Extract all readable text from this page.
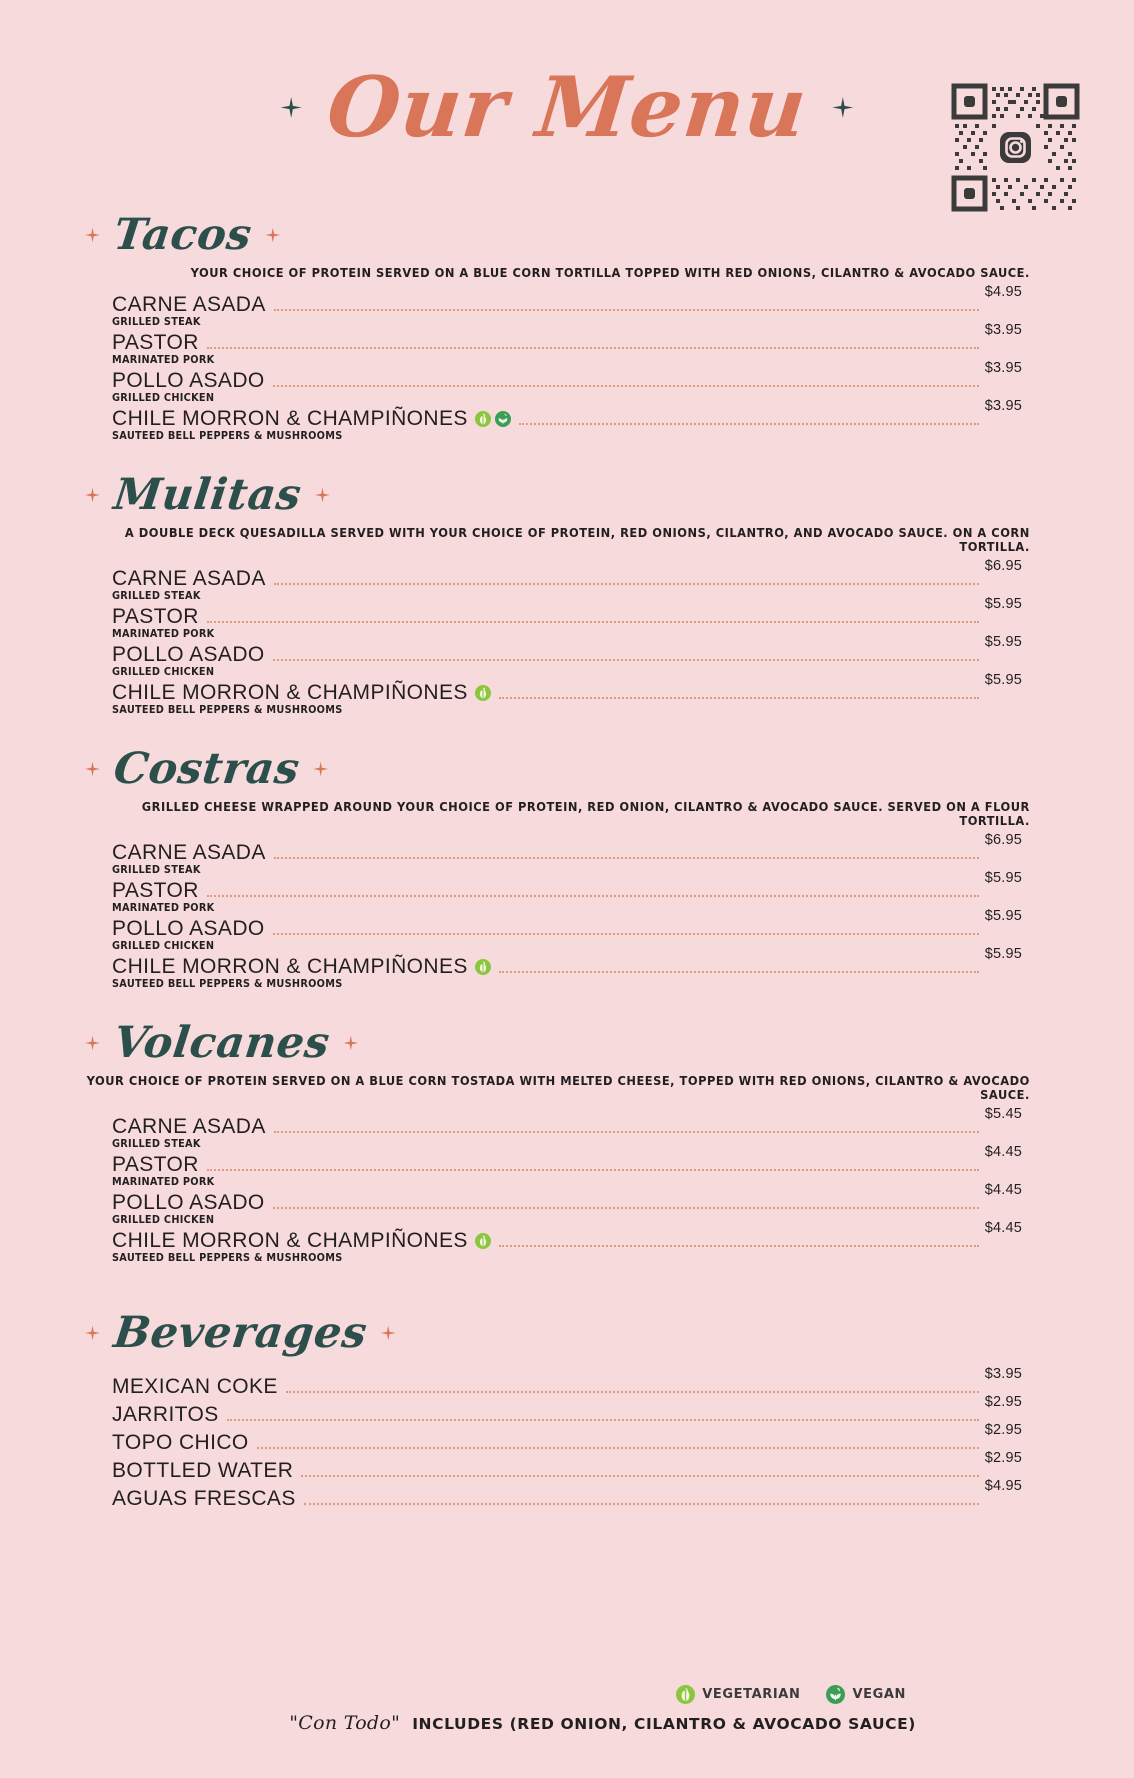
Our Menu
Tacos
YOUR CHOICE OF PROTEIN SERVED ON A BLUE CORN TORTILLA TOPPED WITH RED ONIONS, CILANTRO & AVOCADO SAUCE.
CARNE ASADA
$4.95
GRILLED STEAK
PASTOR
$3.95
MARINATED PORK
POLLO ASADO
$3.95
GRILLED CHICKEN
CHILE MORRON & CHAMPIÑONES
$3.95
SAUTEED BELL PEPPERS & MUSHROOMS
Mulitas
A DOUBLE DECK QUESADILLA SERVED WITH YOUR CHOICE OF PROTEIN, RED ONIONS, CILANTRO, AND AVOCADO SAUCE. ON A CORN TORTILLA.
CARNE ASADA
$6.95
GRILLED STEAK
PASTOR
$5.95
MARINATED PORK
POLLO ASADO
$5.95
GRILLED CHICKEN
CHILE MORRON & CHAMPIÑONES
$5.95
SAUTEED BELL PEPPERS & MUSHROOMS
Costras
GRILLED CHEESE WRAPPED AROUND YOUR CHOICE OF PROTEIN, RED ONION, CILANTRO & AVOCADO SAUCE. SERVED ON A FLOUR TORTILLA.
CARNE ASADA
$6.95
GRILLED STEAK
PASTOR
$5.95
MARINATED PORK
POLLO ASADO
$5.95
GRILLED CHICKEN
CHILE MORRON & CHAMPIÑONES
$5.95
SAUTEED BELL PEPPERS & MUSHROOMS
Volcanes
YOUR CHOICE OF PROTEIN SERVED ON A BLUE CORN TOSTADA WITH MELTED CHEESE, TOPPED WITH RED ONIONS, CILANTRO & AVOCADO SAUCE.
CARNE ASADA
$5.45
GRILLED STEAK
PASTOR
$4.45
MARINATED PORK
POLLO ASADO
$4.45
GRILLED CHICKEN
CHILE MORRON & CHAMPIÑONES
$4.45
SAUTEED BELL PEPPERS & MUSHROOMS
Beverages
MEXICAN COKE
$3.95
JARRITOS
$2.95
TOPO CHICO
$2.95
BOTTLED WATER
$2.95
AGUAS FRESCAS
$4.95
VEGETARIAN	VEGAN
"Con Todo" INCLUDES (RED ONION, CILANTRO & AVOCADO SAUCE)
